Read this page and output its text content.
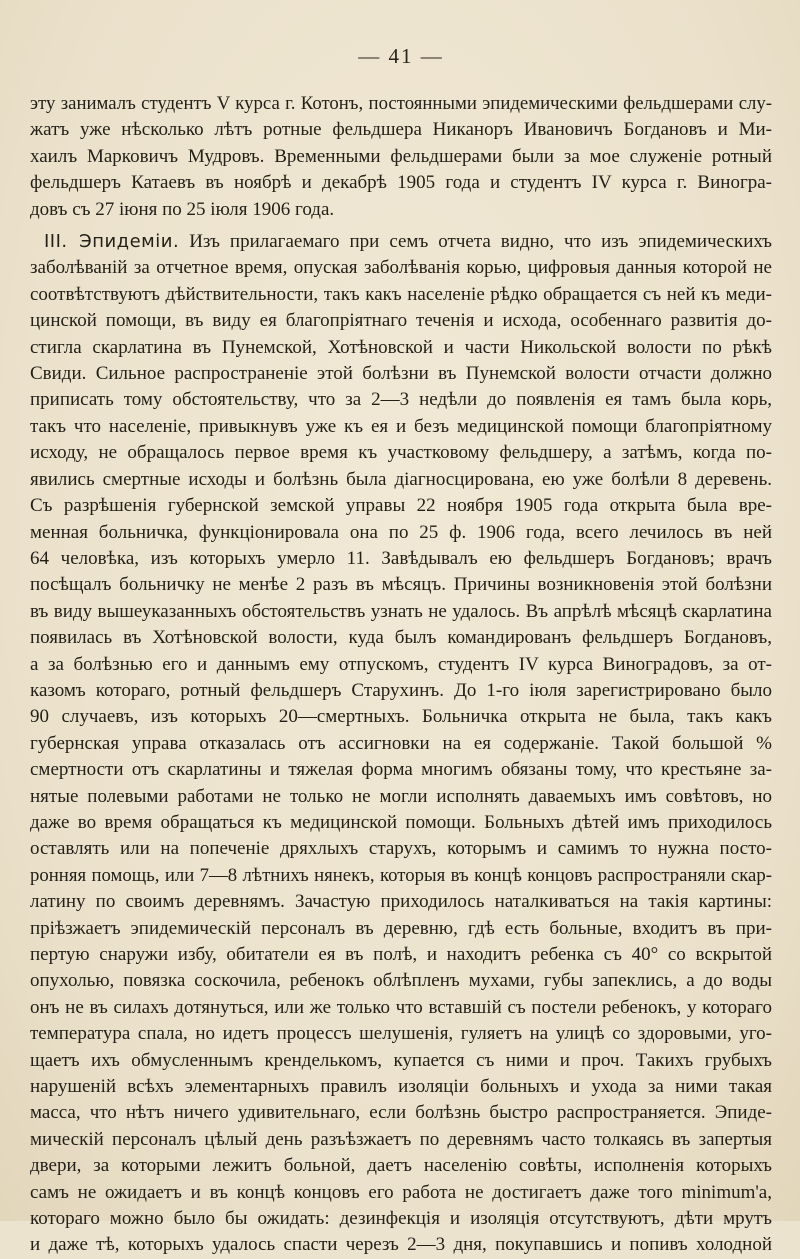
— 41 —
эту занималъ студентъ V курса г. Котонъ, постоянными эпидемическими фельдшерами слу-
жатъ уже нѣсколько лѣтъ ротные фельдшера Никаноръ Ивановичъ Богдановъ и Ми-
хаилъ Марковичъ Мудровъ. Временными фельдшерами были за мое служеніе ротный
фельдшеръ Катаевъ въ ноябрѣ и декабрѣ 1905 года и студентъ IV курса г. Виногра-
довъ съ 27 іюня по 25 іюля 1906 года.
III. Эпидеміи. Изъ прилагаемаго при семъ отчета видно, что изъ эпидемическихъ
заболѣваній за отчетное время, опуская заболѣванія корью, цифровыя данныя которой не
соотвѣтствуютъ дѣйствительности, такъ какъ населеніе рѣдко обращается съ ней къ меди-
цинской помощи, въ виду ея благопріятнаго теченія и исхода, особеннаго развитія до-
стигла скарлатина въ Пунемской, Хотѣновской и части Никольской волости по рѣкѣ
Свиди. Сильное распространеніе этой болѣзни въ Пунемской волости отчасти должно
приписать тому обстоятельству, что за 2—3 недѣли до появленія ея тамъ была корь,
такъ что населеніе, привыкнувъ уже къ ея и безъ медицинской помощи благопріятному
исходу, не обращалось первое время къ участковому фельдшеру, а затѣмъ, когда по-
явились смертные исходы и болѣзнь была діагносцирована, ею уже болѣли 8 деревень.
Съ разрѣшенія губернской земской управы 22 ноября 1905 года открыта была вре-
менная больничка, функціонировала она по 25 ф. 1906 года, всего лечилось въ ней
64 человѣка, изъ которыхъ умерло 11. Завѣдывалъ ею фельдшеръ Богдановъ; врачъ
посѣщалъ больничку не менѣе 2 разъ въ мѣсяцъ. Причины возникновенія этой болѣзни
въ виду вышеуказанныхъ обстоятельствъ узнать не удалось. Въ апрѣлѣ мѣсяцѣ скарлатина
появилась въ Хотѣновской волости, куда былъ командированъ фельдшеръ Богдановъ,
а за болѣзнью его и даннымъ ему отпускомъ, студентъ IV курса Виноградовъ, за от-
казомъ котораго, ротный фельдшеръ Старухинъ. До 1-го іюля зарегистрировано было
90 случаевъ, изъ которыхъ 20—смертныхъ. Больничка открыта не была, такъ какъ
губернская управа отказалась отъ ассигновки на ея содержаніе. Такой большой %
смертности отъ скарлатины и тяжелая форма многимъ обязаны тому, что крестьяне за-
нятые полевыми работами не только не могли исполнять даваемыхъ имъ совѣтовъ, но
даже во время обращаться къ медицинской помощи. Больныхъ дѣтей имъ приходилось
оставлять или на попеченіе дряхлыхъ старухъ, которымъ и самимъ то нужна посто-
ронняя помощь, или 7—8 лѣтнихъ нянекъ, которыя въ концѣ концовъ распространяли скар-
латину по своимъ деревнямъ. Зачастую приходилось наталкиваться на такія картины:
пріѣзжаетъ эпидемическій персоналъ въ деревню, гдѣ есть больные, входитъ въ при-
пертую снаружи избу, обитатели ея въ полѣ, и находитъ ребенка съ 40° со вскрытой
опухолью, повязка соскочила, ребенокъ облѣпленъ мухами, губы запеклись, а до воды
онъ не въ силахъ дотянуться, или же только что вставшій съ постели ребенокъ, у котораго
температура спала, но идетъ процессъ шелушенія, гуляетъ на улицѣ со здоровыми, уго-
щаетъ ихъ обмусленнымъ кренделькомъ, купается съ ними и проч. Такихъ грубыхъ
нарушеній всѣхъ элементарныхъ правилъ изоляціи больныхъ и ухода за ними такая
масса, что нѣтъ ничего удивительнаго, если болѣзнь быстро распространяется. Эпиде-
мическій персоналъ цѣлый день разъѣзжаетъ по деревнямъ часто толкаясь въ запертыя
двери, за которыми лежитъ больной, даетъ населенію совѣты, исполненія которыхъ
самъ не ожидаетъ и въ концѣ концовъ его работа не достигаетъ даже того minimum'a,
котораго можно было бы ожидать: дезинфекція и изоляція отсутствуютъ, дѣти мрутъ
и даже тѣ, которыхъ удалось спасти черезъ 2—3 дня, покупавшись и попивъ холодной
